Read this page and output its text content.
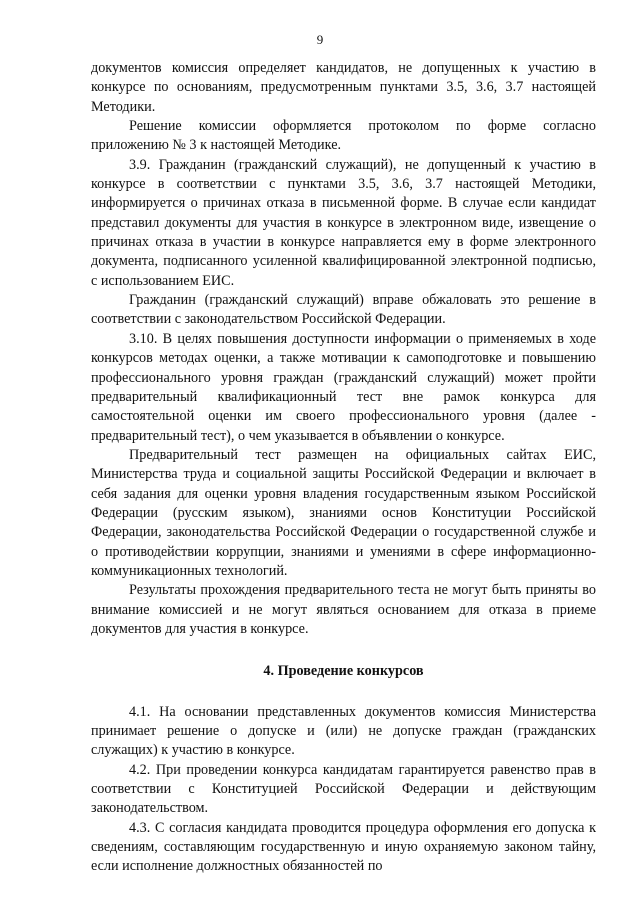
9

документов комиссия определяет кандидатов, не допущенных к участию в конкурсе по основаниям, предусмотренным пунктами 3.5, 3.6, 3.7 настоящей Методики.

Решение комиссии оформляется протоколом по форме согласно приложению № 3 к настоящей Методике.

3.9. Гражданин (гражданский служащий), не допущенный к участию в конкурсе в соответствии с пунктами 3.5, 3.6, 3.7 настоящей Методики, информируется о причинах отказа в письменной форме. В случае если кандидат представил документы для участия в конкурсе в электронном виде, извещение о причинах отказа в участии в конкурсе направляется ему в форме электронного документа, подписанного усиленной квалифицированной электронной подписью, с использованием ЕИС.

Гражданин (гражданский служащий) вправе обжаловать это решение в соответствии с законодательством Российской Федерации.

3.10. В целях повышения доступности информации о применяемых в ходе конкурсов методах оценки, а также мотивации к самоподготовке и повышению профессионального уровня граждан (гражданский служащий) может пройти предварительный квалификационный тест вне рамок конкурса для самостоятельной оценки им своего профессионального уровня (далее - предварительный тест), о чем указывается в объявлении о конкурсе.

Предварительный тест размещен на официальных сайтах ЕИС, Министерства труда и социальной защиты Российской Федерации и включает в себя задания для оценки уровня владения государственным языком Российской Федерации (русским языком), знаниями основ Конституции Российской Федерации, законодательства Российской Федерации о государственной службе и о противодействии коррупции, знаниями и умениями в сфере информационно-коммуникационных технологий.

Результаты прохождения предварительного теста не могут быть приняты во внимание комиссией и не могут являться основанием для отказа в приеме документов для участия в конкурсе.

4. Проведение конкурсов

4.1. На основании представленных документов комиссия Министерства принимает решение о допуске и (или) не допуске граждан (гражданских служащих) к участию в конкурсе.

4.2. При проведении конкурса кандидатам гарантируется равенство прав в соответствии с Конституцией Российской Федерации и действующим законодательством.

4.3. С согласия кандидата проводится процедура оформления его допуска к сведениям, составляющим государственную и иную охраняемую законом тайну, если исполнение должностных обязанностей по
